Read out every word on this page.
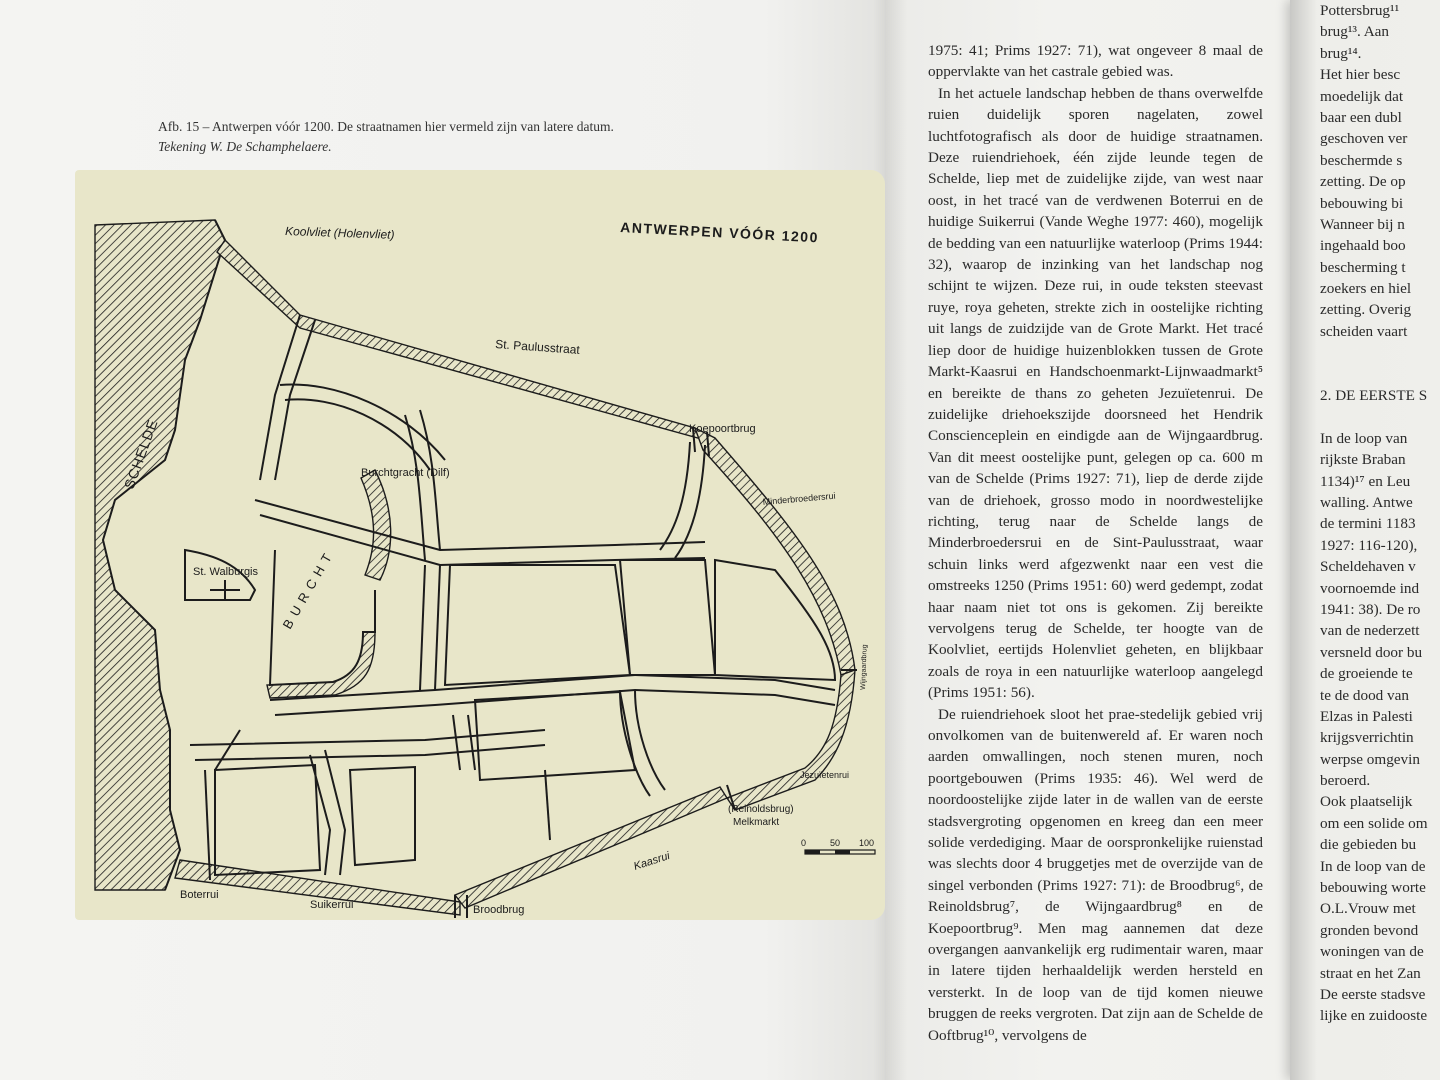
Afb. 15 – Antwerpen vóór 1200. De straatnamen hier vermeld zijn van latere datum.
Tekening W. De Schamphelaere.
0	50 100
ANTWERPEN VÓÓR 1200
Koolvliet (Holenvliet)
St. Paulusstraat
SCHELDE	Koepoortbrug
Burchtgracht (Dilf)
Minderbroedersrui
BURCHT
St. Walburgis
Wijngaardbrug
Jezuïetenrui
(Reinoldsbrug)
Melkmarkt
Kaasrui
Boterrui
Suikerrui	Broodbrug

1975: 41; Prims 1927: 71), wat ongeveer 8 maal de oppervlakte van het castrale gebied was.

In het actuele landschap hebben de thans overwelfde ruien duidelijk sporen nagelaten, zowel luchtfotografisch als door de huidige straatnamen. Deze ruiendriehoek, één zijde leunde tegen de Schelde, liep met de zuidelijke zijde, van west naar oost, in het tracé van de verdwenen Boterrui en de huidige Suikerrui (Vande Weghe 1977: 460), mogelijk de bedding van een natuurlijke waterloop (Prims 1944: 32), waarop de inzinking van het landschap nog schijnt te wijzen. Deze rui, in oude teksten steevast ruye, roya geheten, strekte zich in oostelijke richting uit langs de zuidzijde van de Grote Markt. Het tracé liep door de huidige huizenblokken tussen de Grote Markt-Kaasrui en Handschoenmarkt-Lijnwaadmarkt⁵ en bereikte de thans zo geheten Jezuïetenrui. De zuidelijke driehoekszijde doorsneed het Hendrik Conscienceplein en eindigde aan de Wijngaardbrug. Van dit meest oostelijke punt, gelegen op ca. 600 m van de Schelde (Prims 1927: 71), liep de derde zijde van de driehoek, grosso modo in noordwestelijke richting, terug naar de Schelde langs de Minderbroedersrui en de Sint-Paulusstraat, waar schuin links werd afgezwenkt naar een vest die omstreeks 1250 (Prims 1951: 60) werd gedempt, zodat haar naam niet tot ons is gekomen. Zij bereikte vervolgens terug de Schelde, ter hoogte van de Koolvliet, eertijds Holenvliet geheten, en blijkbaar zoals de roya in een natuurlijke waterloop aangelegd (Prims 1951: 56).

De ruiendriehoek sloot het prae-stedelijk gebied vrij onvolkomen van de buitenwereld af. Er waren noch aarden omwallingen, noch stenen muren, noch poortgebouwen (Prims 1935: 46). Wel werd de noordoostelijke zijde later in de wallen van de eerste stadsvergroting opgenomen en kreeg dan een meer solide verdediging. Maar de oorspronkelijke ruienstad was slechts door 4 bruggetjes met de overzijde van de singel verbonden (Prims 1927: 71): de Broodbrug⁶, de Reinoldsbrug⁷, de Wijngaardbrug⁸ en de Koepoortbrug⁹. Men mag aannemen dat deze overgangen aanvankelijk erg rudimentair waren, maar in latere tijden herhaaldelijk werden hersteld en versterkt. In de loop van de tijd komen nieuwe bruggen de reeks vergroten. Dat zijn aan de Schelde de Ooftbrug¹⁰, vervolgens de

Pottersbrug¹¹
brug¹³. Aan
brug¹⁴.
Het hier besc
moedelijk dat
baar een dubl
geschoven ver
beschermde s
zetting. De op
bebouwing bi
Wanneer bij n
ingehaald boo
bescherming t
zoekers en hiel
zetting. Overig
scheiden vaart
2. DE EERSTE S
In de loop van
rijkste Braban
1134)¹⁷ en Leu
walling. Antwe
de termini 1183
1927: 116-120),
Scheldehaven v
voornoemde ind
1941: 38). De ro
van de nederzett
versneld door bu
de groeiende te
te de dood van
Elzas in Palesti
krijgsverrichtin
werpse omgevin
beroerd.
Ook plaatselijk
om een solide om
die gebieden bu
In de loop van de
bebouwing worte
O.L.Vrouw met
gronden bevond
woningen van de
straat en het Zan
De eerste stadsve
lijke en zuidooste
